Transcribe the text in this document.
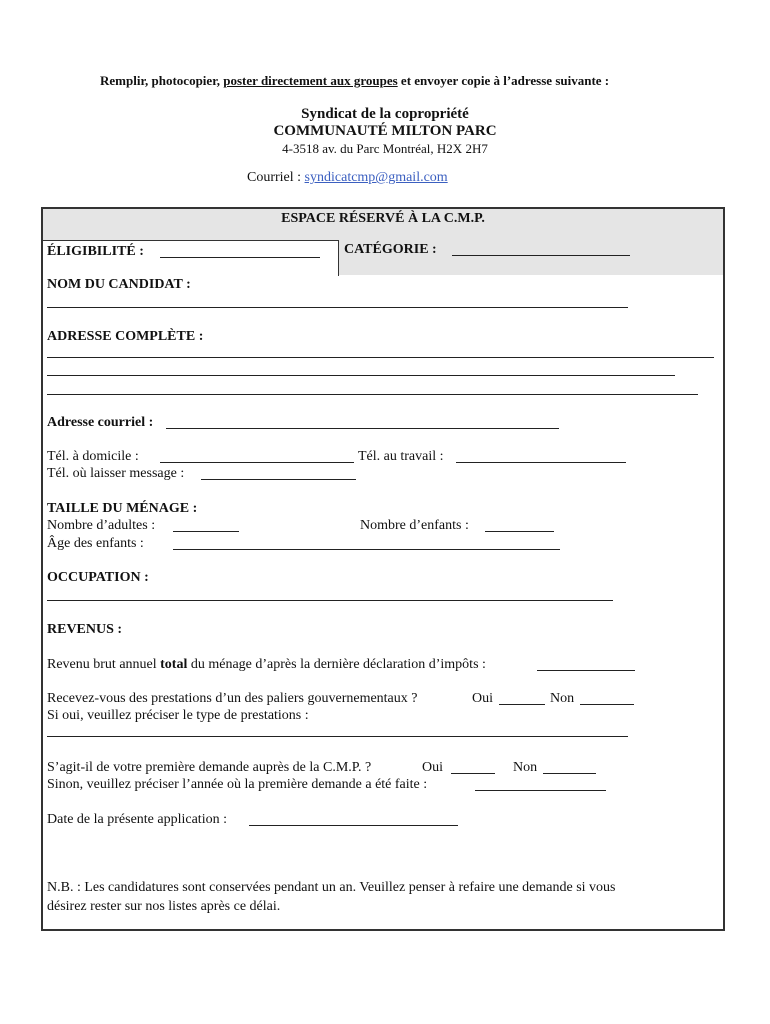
Remplir, photocopier, poster directement aux groupes et envoyer copie à l’adresse suivante :
Syndicat de la copropriété
COMMUNAUTÉ MILTON PARC
4-3518 av. du Parc Montréal, H2X 2H7
Courriel : syndicatcmp@gmail.com
ESPACE RÉSERVÉ À LA C.M.P.
ÉLIGIBILITÉ :	CATÉGORIE :
NOM DU CANDIDAT :
ADRESSE COMPLÈTE :
Adresse courriel :
Tél. à domicile :	Tél. au travail :
Tél. où laisser message :
TAILLE DU MÉNAGE :
Nombre d’adultes :	Nombre d’enfants :
Âge des enfants :
OCCUPATION :
REVENUS :
Revenu brut annuel total du ménage d’après la dernière déclaration d’impôts :
Recevez-vous des prestations d’un des paliers gouvernementaux ?	Oui	Non
Si oui, veuillez préciser le type de prestations :
S’agit-il de votre première demande auprès de la C.M.P. ?	Oui	Non
Sinon, veuillez préciser l’année où la première demande a été faite :
Date de la présente application :
N.B. : Les candidatures sont conservées pendant un an. Veuillez penser à refaire une demande si vous
désirez rester sur nos listes après ce délai.
